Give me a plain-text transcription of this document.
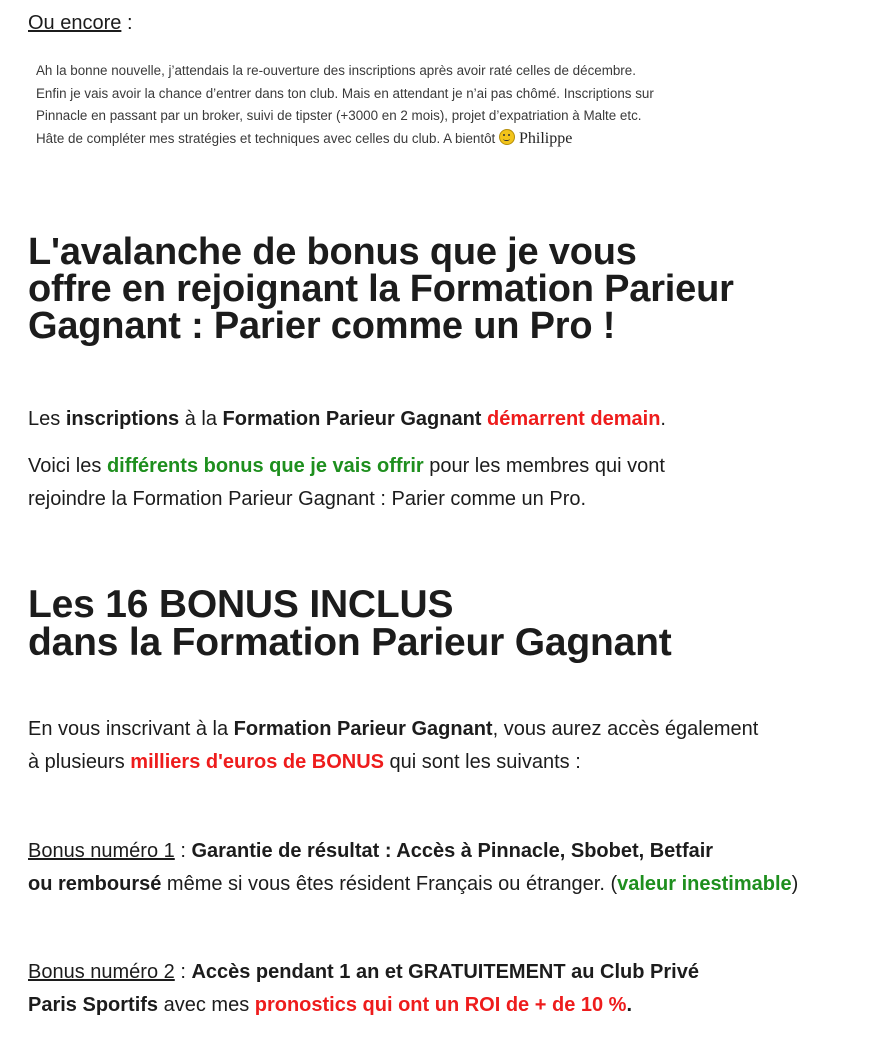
Ou encore :
Ah la bonne nouvelle, j’attendais la re-ouverture des inscriptions après avoir raté celles de décembre.
Enfin je vais avoir la chance d’entrer dans ton club. Mais en attendant je n’ai pas chômé. Inscriptions sur
Pinnacle en passant par un broker, suivi de tipster (+3000 en 2 mois), projet d’expatriation à Malte etc.
Hâte de compléter mes stratégies et techniques avec celles du club. A bientôt Philippe
L'avalanche de bonus que je vous
offre en rejoignant la Formation Parieur
Gagnant : Parier comme un Pro !
Les inscriptions à la Formation Parieur Gagnant démarrent demain.
Voici les différents bonus que je vais offrir pour les membres qui vont
rejoindre la Formation Parieur Gagnant : Parier comme un Pro.
Les 16 BONUS INCLUS
dans la Formation Parieur Gagnant
En vous inscrivant à la Formation Parieur Gagnant, vous aurez accès également
à plusieurs milliers d'euros de BONUS qui sont les suivants :
Bonus numéro 1 : Garantie de résultat : Accès à Pinnacle, Sbobet, Betfair
ou remboursé même si vous êtes résident Français ou étranger. (valeur inestimable)
Bonus numéro 2 : Accès pendant 1 an et GRATUITEMENT au Club Privé
Paris Sportifs avec mes pronostics qui ont un ROI de + de 10 %.
